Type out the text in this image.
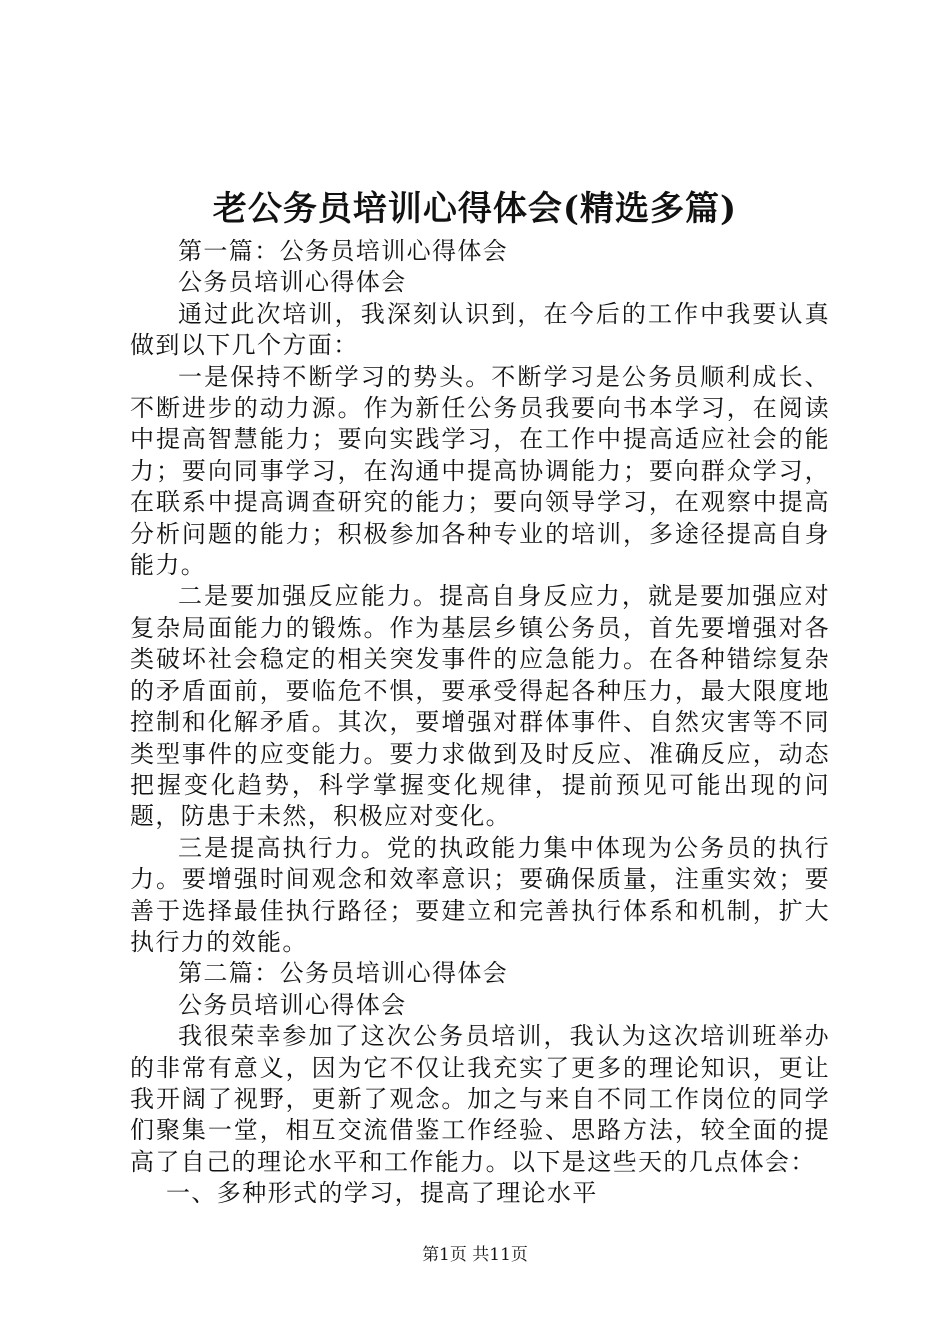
老公务员培训心得体会(精选多篇)

第一篇：公务员培训心得体会

公务员培训心得体会

通过此次培训，我深刻认识到，在今后的工作中我要认真做到以下几个方面：

一是保持不断学习的势头。不断学习是公务员顺利成长、不断进步的动力源。作为新任公务员我要向书本学习，在阅读中提高智慧能力；要向实践学习，在工作中提高适应社会的能力；要向同事学习，在沟通中提高协调能力；要向群众学习，在联系中提高调查研究的能力；要向领导学习，在观察中提高分析问题的能力；积极参加各种专业的培训，多途径提高自身能力。

二是要加强反应能力。提高自身反应力，就是要加强应对复杂局面能力的锻炼。作为基层乡镇公务员，首先要增强对各类破坏社会稳定的相关突发事件的应急能力。在各种错综复杂的矛盾面前，要临危不惧，要承受得起各种压力，最大限度地控制和化解矛盾。其次，要增强对群体事件、自然灾害等不同类型事件的应变能力。要力求做到及时反应、准确反应，动态把握变化趋势，科学掌握变化规律，提前预见可能出现的问题，防患于未然，积极应对变化。

三是提高执行力。党的执政能力集中体现为公务员的执行力。要增强时间观念和效率意识；要确保质量，注重实效；要善于选择最佳执行路径；要建立和完善执行体系和机制，扩大执行力的效能。

第二篇：公务员培训心得体会

公务员培训心得体会

我很荣幸参加了这次公务员培训，我认为这次培训班举办的非常有意义，因为它不仅让我充实了更多的理论知识，更让我开阔了视野，更新了观念。加之与来自不同工作岗位的同学们聚集一堂，相互交流借鉴工作经验、思路方法，较全面的提高了自己的理论水平和工作能力。以下是这些天的几点体会：

一、多种形式的学习，提高了理论水平

第1页 共11页
